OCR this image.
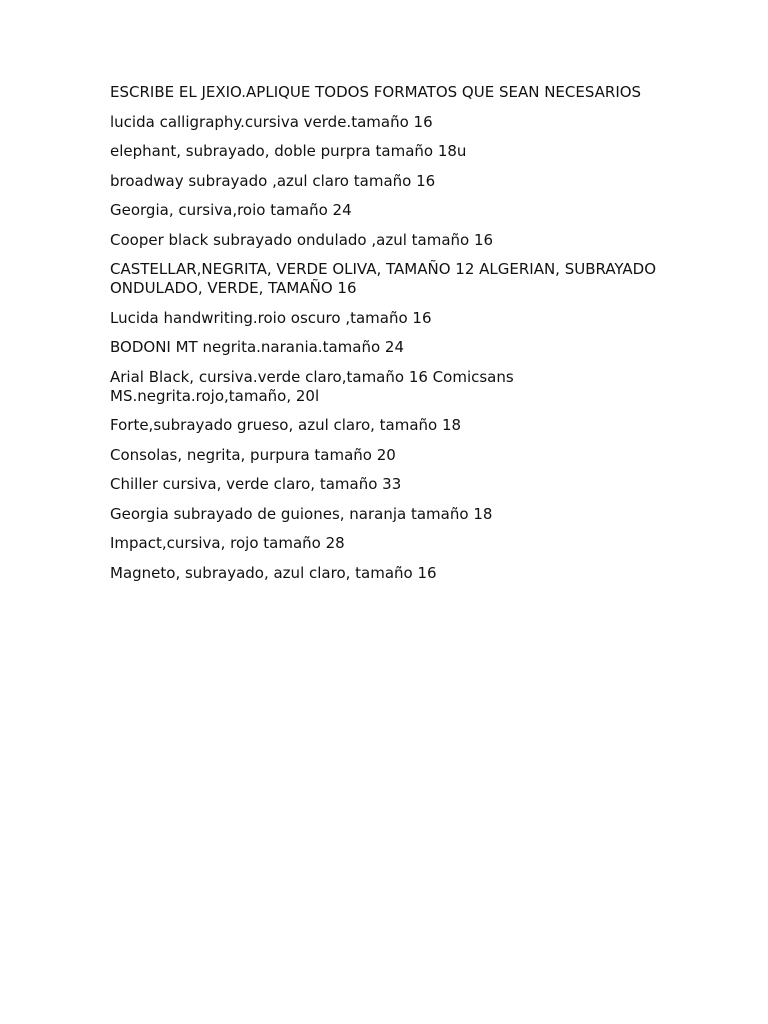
ESCRIBE EL JEXIO.APLIQUE TODOS FORMATOS QUE SEAN NECESARIOS

lucida calligraphy.cursiva verde.tamaño 16

elephant, subrayado, doble purpra tamaño 18u

broadway subrayado ,azul claro tamaño 16

Georgia, cursiva,roio tamaño 24

Cooper black subrayado ondulado ,azul tamaño 16

CASTELLAR,NEGRITA, VERDE OLIVA, TAMAÑO 12 ALGERIAN, SUBRAYADO ONDULADO, VERDE, TAMAÑO 16

Lucida handwriting.roio oscuro ,tamaño 16

BODONI MT negrita.narania.tamaño 24

Arial Black, cursiva.verde claro,tamaño 16 Comicsans MS.negrita.rojo,tamaño, 20l

Forte,subrayado grueso, azul claro, tamaño 18

Consolas, negrita, purpura tamaño 20

Chiller cursiva, verde claro, tamaño 33

Georgia subrayado de guiones, naranja tamaño 18

Impact,cursiva, rojo tamaño 28

Magneto, subrayado, azul claro, tamaño 16
